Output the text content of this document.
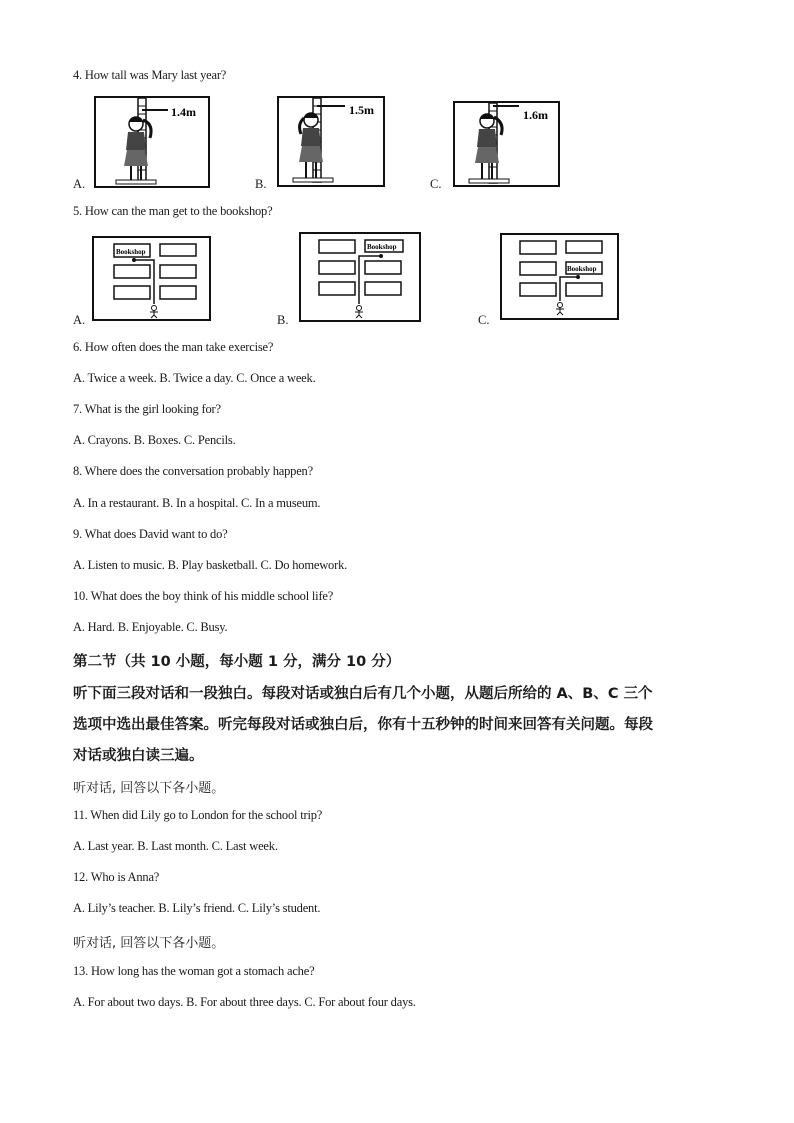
4. How tall was Mary last year?
A.
1.4m
B.
1.5m
C.
1.6m
5. How can the man get to the bookshop?
A.
Bookshop
B.
Bookshop
C.
Bookshop
6. How often does the man take exercise?
A. Twice a week. B. Twice a day. C. Once a week.
7. What is the girl looking for?
A. Crayons. B. Boxes. C. Pencils.
8. Where does the conversation probably happen?
A. In a restaurant. B. In a hospital. C. In a museum.
9. What does David want to do?
A. Listen to music. B. Play basketball. C. Do homework.
10. What does the boy think of his middle school life?
A. Hard. B. Enjoyable. C. Busy.
第二节（共 10 小题，每小题 1 分，满分 10 分）
听下面三段对话和一段独白。每段对话或独白后有几个小题，从题后所给的 A、B、C 三个
选项中选出最佳答案。听完每段对话或独白后，你有十五秒钟的时间来回答有关问题。每段
对话或独白读三遍。
听对话, 回答以下各小题。
11. When did Lily go to London for the school trip?
A. Last year. B. Last month. C. Last week.
12. Who is Anna?
A. Lily’s teacher. B. Lily’s friend. C. Lily’s student.
听对话, 回答以下各小题。
13. How long has the woman got a stomach ache?
A. For about two days. B. For about three days. C. For about four days.
